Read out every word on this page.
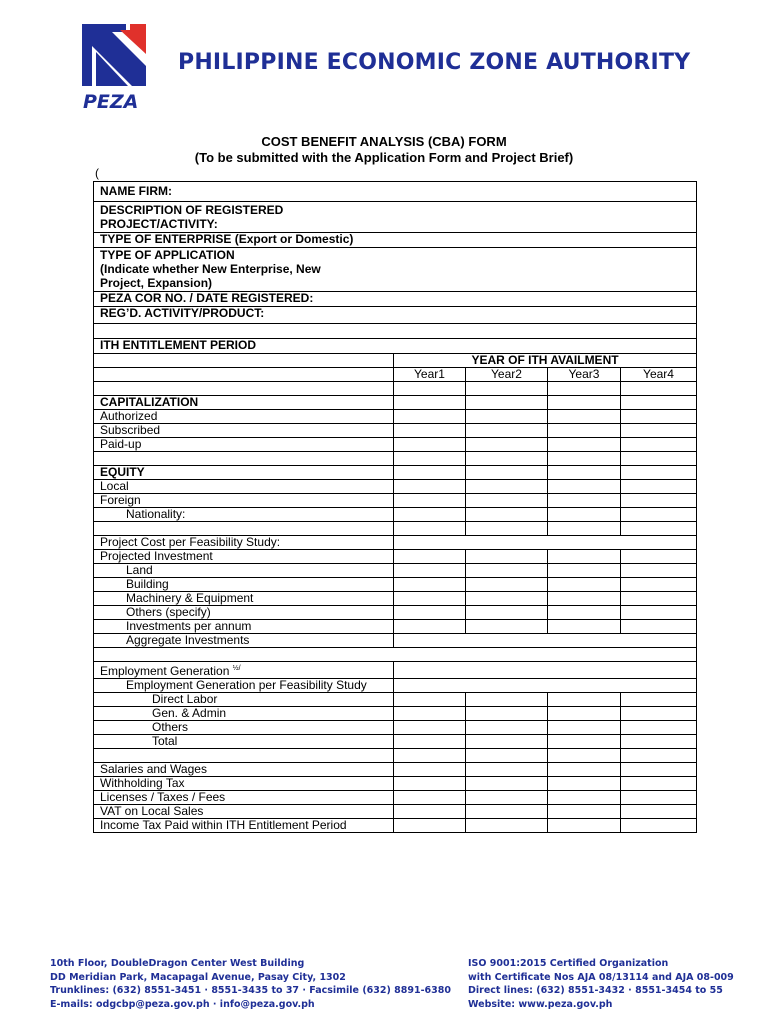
PEZA
PHILIPPINE ECONOMIC ZONE AUTHORITY
COST BENEFIT ANALYSIS (CBA) FORM
(To be submitted with the Application Form and Project Brief)
(
NAME FIRM:				

DESCRIPTION OF REGISTERED PROJECT/ACTIVITY:				

TYPE OF ENTERPRISE (Export or Domestic)				

TYPE OF APPLICATION
(Indicate whether New Enterprise, New Project, Expansion)				

PEZA COR NO. / DATE REGISTERED:				
REG’D. ACTIVITY/PRODUCT:				

ITH ENTITLEMENT PERIOD				
	YEAR OF ITH AVAILMENT			
	Year1	Year2	Year3	Year4

CAPITALIZATION				
Authorized				
Subscribed				
Paid-up				

EQUITY				
Local				
Foreign				
Nationality:				

Project Cost per Feasibility Study:				
Projected Investment				
Land				
Building				
Machinery & Equipment				
Others (specify)				
Investments per annum				
Aggregate Investments				

Employment Generation $^{\frac{1}{2}/}$	
Employment Generation per Feasibility Study				
Direct Labor				
Gen. & Admin				
Others				
Total				

Salaries and Wages				
Withholding Tax				
Licenses / Taxes / Fees				
VAT on Local Sales				
Income Tax Paid within ITH Entitlement Period				
10th Floor, DoubleDragon Center West Building
DD Meridian Park, Macapagal Avenue, Pasay City, 1302
Trunklines: (632) 8551-3451 · 8551-3435 to 37 · Facsimile (632) 8891-6380
E-mails: odgcbp@peza.gov.ph · info@peza.gov.ph
ISO 9001:2015 Certified Organization
with Certificate Nos AJA 08/13114 and AJA 08-009
Direct lines: (632) 8551-3432 · 8551-3454 to 55
Website: www.peza.gov.ph
